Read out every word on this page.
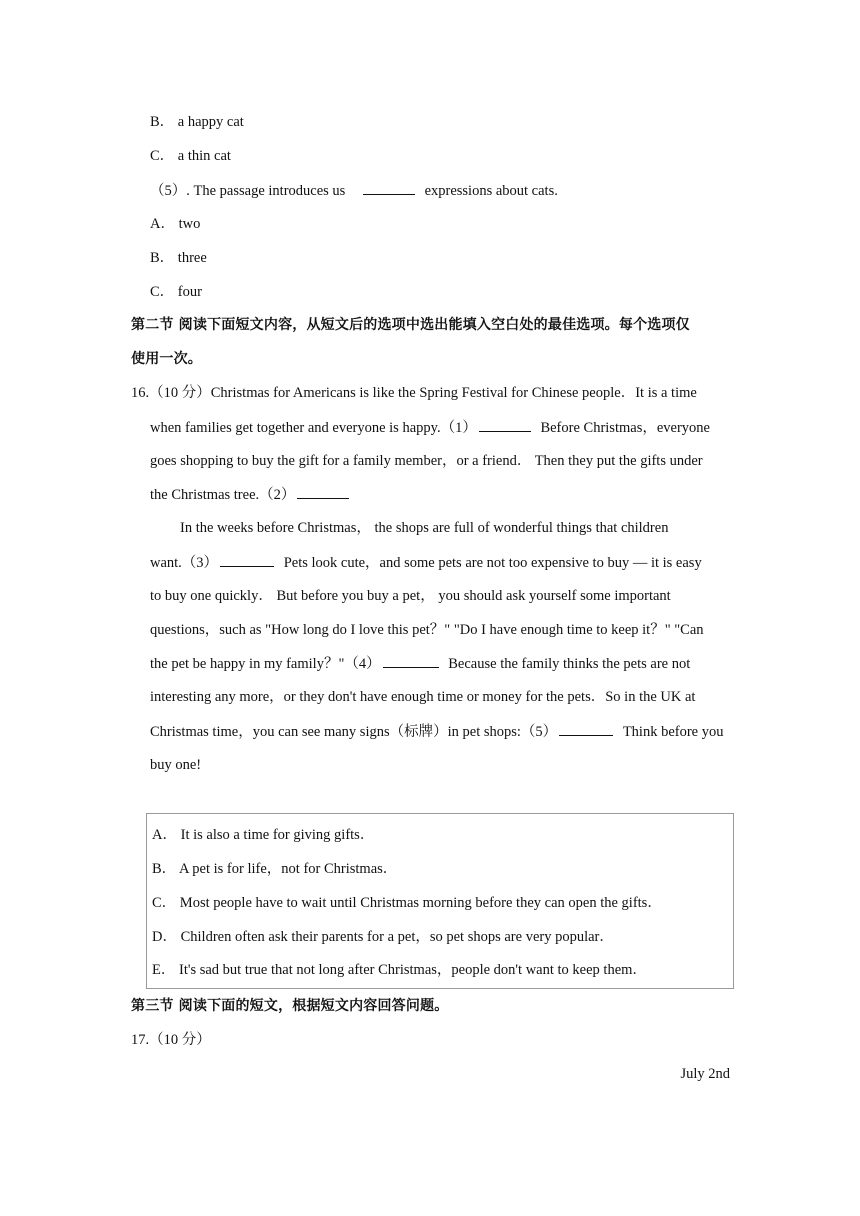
B． a happy cat
C． a thin cat
（5）. The passage introduces us	expressions about cats.
A． two
B． three
C． four
第二节 阅读下面短文内容，从短文后的选项中选出能填入空白处的最佳选项。每个选项仅
使用一次。
16.（10 分）Christmas for Americans is like the Spring Festival for Chinese people．It is a time
when families get together and everyone is happy.（1）	Before Christmas，everyone
goes shopping to buy the gift for a family member，or a friend． Then they put the gifts under
the Christmas tree.（2）
In the weeks before Christmas， the shops are full of wonderful things that children
want.（3）	Pets look cute，and some pets are not too expensive to buy — it is easy
to buy one quickly． But before you buy a pet， you should ask yourself some important
questions，such as "How long do I love this pet？" "Do I have enough time to keep it？" "Can
the pet be happy in my family？"（4）	Because the family thinks the pets are not
interesting any more，or they don't have enough time or money for the pets．So in the UK at
Christmas time，you can see many signs（标牌）in pet shops:（5）	Think before you
buy one!
A． It is also a time for giving gifts．
B． A pet is for life，not for Christmas．
C． Most people have to wait until Christmas morning before they can open the gifts．
D． Children often ask their parents for a pet，so pet shops are very popular．
E． It's sad but true that not long after Christmas，people don't want to keep them．
第三节 阅读下面的短文，根据短文内容回答问题。
17.（10 分）
July 2nd
